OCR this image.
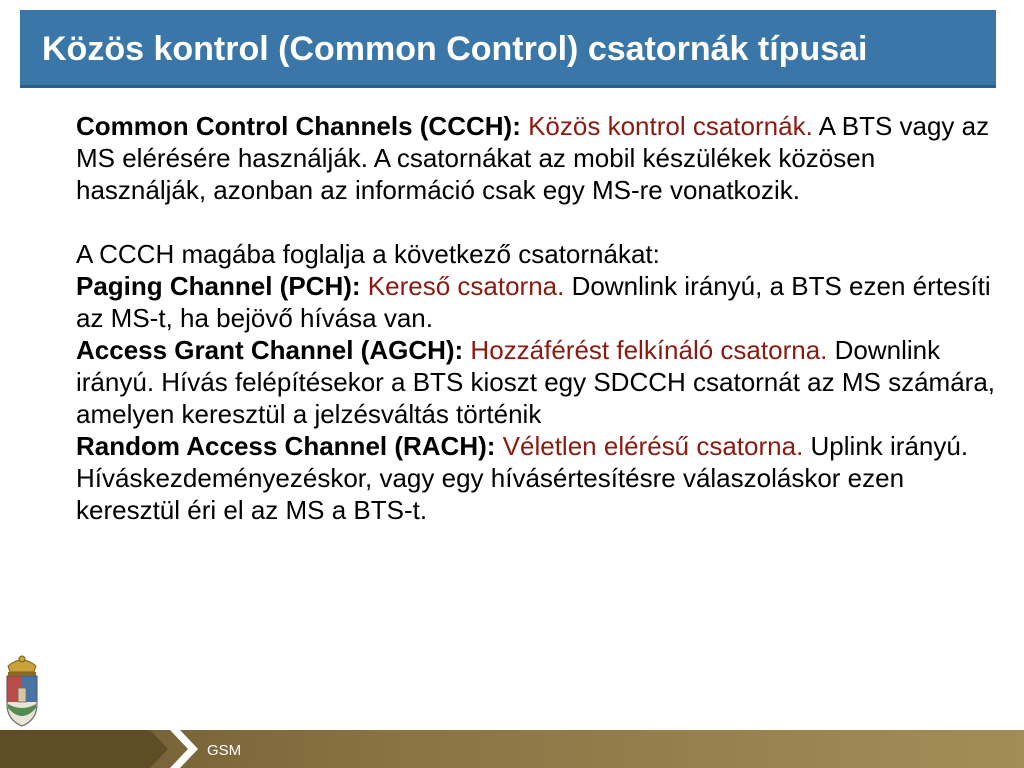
Közös kontrol (Common Control) csatornák típusai

Common Control Channels (CCCH): Közös kontrol csatornák. A BTS vagy az MS elérésére használják. A csatornákat az mobil készülékek közösen használják, azonban az információ csak egy MS-re vonatkozik.

A CCCH magába foglalja a következő csatornákat:

Paging Channel (PCH): Kereső csatorna. Downlink irányú, a BTS ezen értesíti az MS-t, ha bejövő hívása van.

Access Grant Channel (AGCH): Hozzáférést felkínáló csatorna. Downlink irányú. Hívás felépítésekor a BTS kioszt egy SDCCH csatornát az MS számára, amelyen keresztül a jelzésváltás történik

Random Access Channel (RACH): Véletlen elérésű csatorna. Uplink irányú. Híváskezdeményezéskor, vagy egy hívásértesítésre válaszoláskor ezen keresztül éri el az MS a BTS-t.

GSM
